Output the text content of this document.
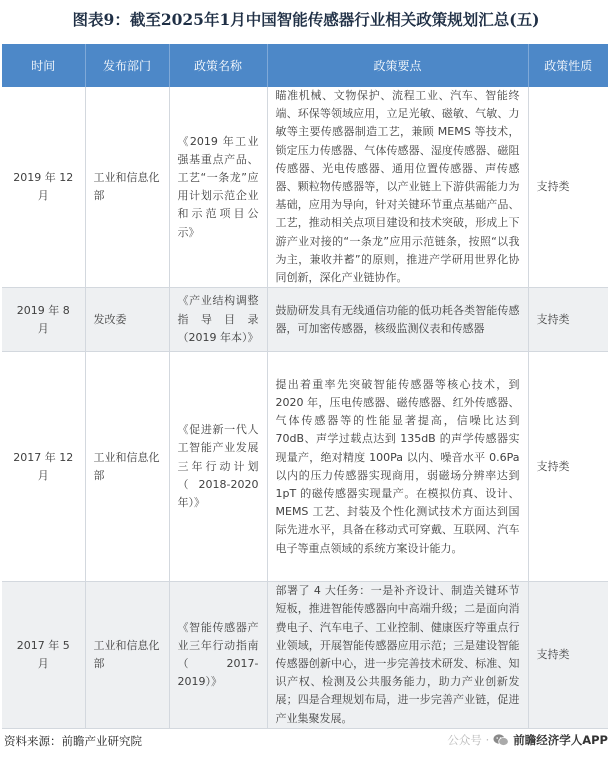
图表9：截至2025年1月中国智能传感器行业相关政策规划汇总(五)
时间	发布部门	政策名称	政策要点	政策性质
2019 年 12 月	工业和信息化部	《2019 年工业强基重点产品、工艺“一条龙”应用计划示范企业和示范项目公示》	瞄准机械、文物保护、流程工业、汽车、智能终端、环保等领域应用，立足光敏、磁敏、气敏、力敏等主要传感器制造工艺，兼顾 MEMS 等技术，锁定压力传感器、气体传感器、湿度传感器、磁阻传感器、光电传感器、通用位置传感器、声传感器、颗粒物传感器等，以产业链上下游供需能力为基础，应用为导向，针对关键环节重点基础产品、工艺，推动相关点项目建设和技术突破，形成上下游产业对接的“一条龙”应用示范链条，按照“以我为主，兼收并蓄”的原则，推进产学研用世界化协同创新，深化产业链协作。	支持类
2019 年 8 月	发改委	《产业结构调整指导目录（2019 年本）》	鼓励研发具有无线通信功能的低功耗各类智能传感器，可加密传感器，核级监测仪表和传感器	支持类
2017 年 12 月	工业和信息化部	《促进新一代人工智能产业发展三年行动计划（2018-2020 年）》	提出着重率先突破智能传感器等核心技术，到 2020 年，压电传感器、磁传感器、红外传感器、气体传感器等的性能显著提高，信噪比达到 70dB、声学过载点达到 135dB 的声学传感器实现量产，绝对精度 100Pa 以内、噪音水平 0.6Pa 以内的压力传感器实现商用，弱磁场分辨率达到 1pT 的磁传感器实现量产。在模拟仿真、设计、MEMS 工艺、封装及个性化测试技术方面达到国际先进水平，具备在移动式可穿戴、互联网、汽车电子等重点领域的系统方案设计能力。	支持类
2017 年 5 月	工业和信息化部	《智能传感器产业三年行动指南（2017-2019）》	部署了 4 大任务：一是补齐设计、制造关键环节短板，推进智能传感器向中高端升级；二是面向消费电子、汽车电子、工业控制、健康医疗等重点行业领域，开展智能传感器应用示范；三是建设智能传感器创新中心，进一步完善技术研发、标准、知识产权、检测及公共服务能力，助力产业创新发展；四是合理规划布局，进一步完善产业链，促进产业集聚发展。	支持类
资料来源：前瞻产业研究院	公众号 · 前瞻经济学人APP
